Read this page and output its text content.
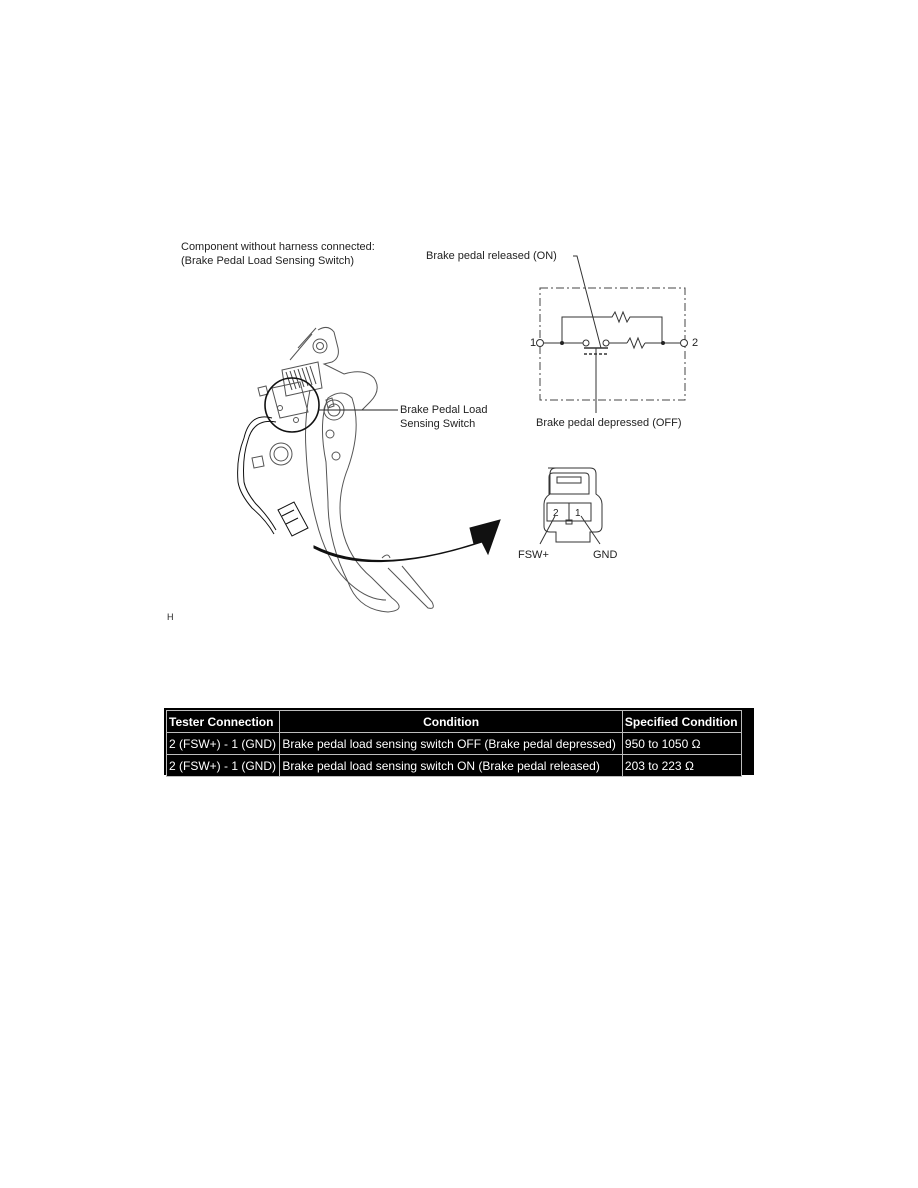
Component without harness connected:
(Brake Pedal Load Sensing Switch)	Brake pedal released (ON)
1	2
Brake pedal depressed (OFF)
Brake Pedal Load
Sensing Switch
2 1
FSW+	GND
H
Tester Connection	Condition	Specified Condition
2 (FSW+) - 1 (GND)	Brake pedal load sensing switch OFF (Brake pedal depressed)	950 to 1050 Ω
2 (FSW+) - 1 (GND)	Brake pedal load sensing switch ON (Brake pedal released)	203 to 223 Ω
